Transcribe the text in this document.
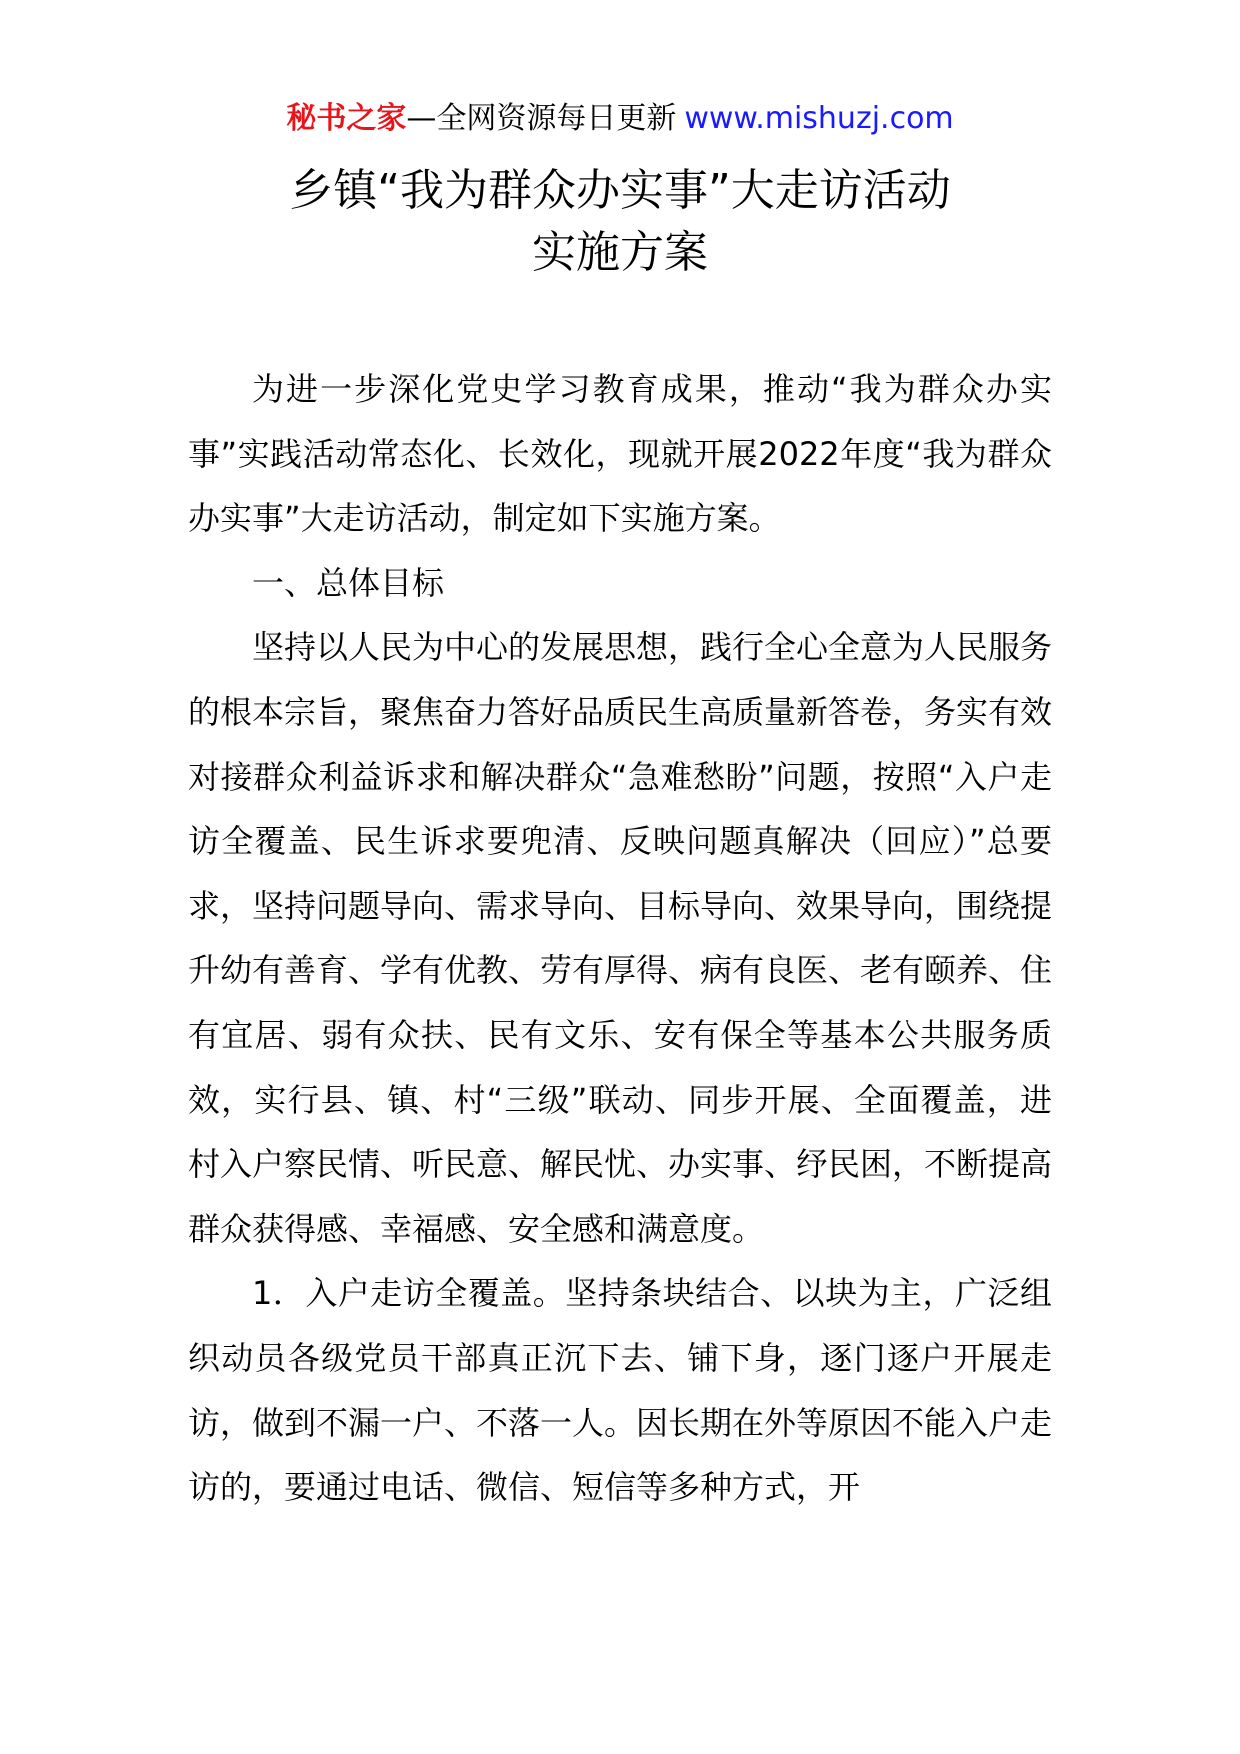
秘书之家—全网资源每日更新 www.mishuzj.com
乡镇“我为群众办实事”大走访活动
实施方案

为进一步深化党史学习教育成果，推动“我为群众办实事”实践活动常态化、长效化，现就开展2022年度“我为群众办实事”大走访活动，制定如下实施方案。

一、总体目标

坚持以人民为中心的发展思想，践行全心全意为人民服务的根本宗旨，聚焦奋力答好品质民生高质量新答卷，务实有效对接群众利益诉求和解决群众“急难愁盼”问题，按照“入户走访全覆盖、民生诉求要兜清、反映问题真解决（回应）”总要求，坚持问题导向、需求导向、目标导向、效果导向，围绕提升幼有善育、学有优教、劳有厚得、病有良医、老有颐养、住有宜居、弱有众扶、民有文乐、安有保全等基本公共服务质效，实行县、镇、村“三级”联动、同步开展、全面覆盖，进村入户察民情、听民意、解民忧、办实事、纾民困，不断提高群众获得感、幸福感、安全感和满意度。

1．入户走访全覆盖。坚持条块结合、以块为主，广泛组织动员各级党员干部真正沉下去、铺下身，逐门逐户开展走访，做到不漏一户、不落一人。因长期在外等原因不能入户走访的，要通过电话、微信、短信等多种方式，开
